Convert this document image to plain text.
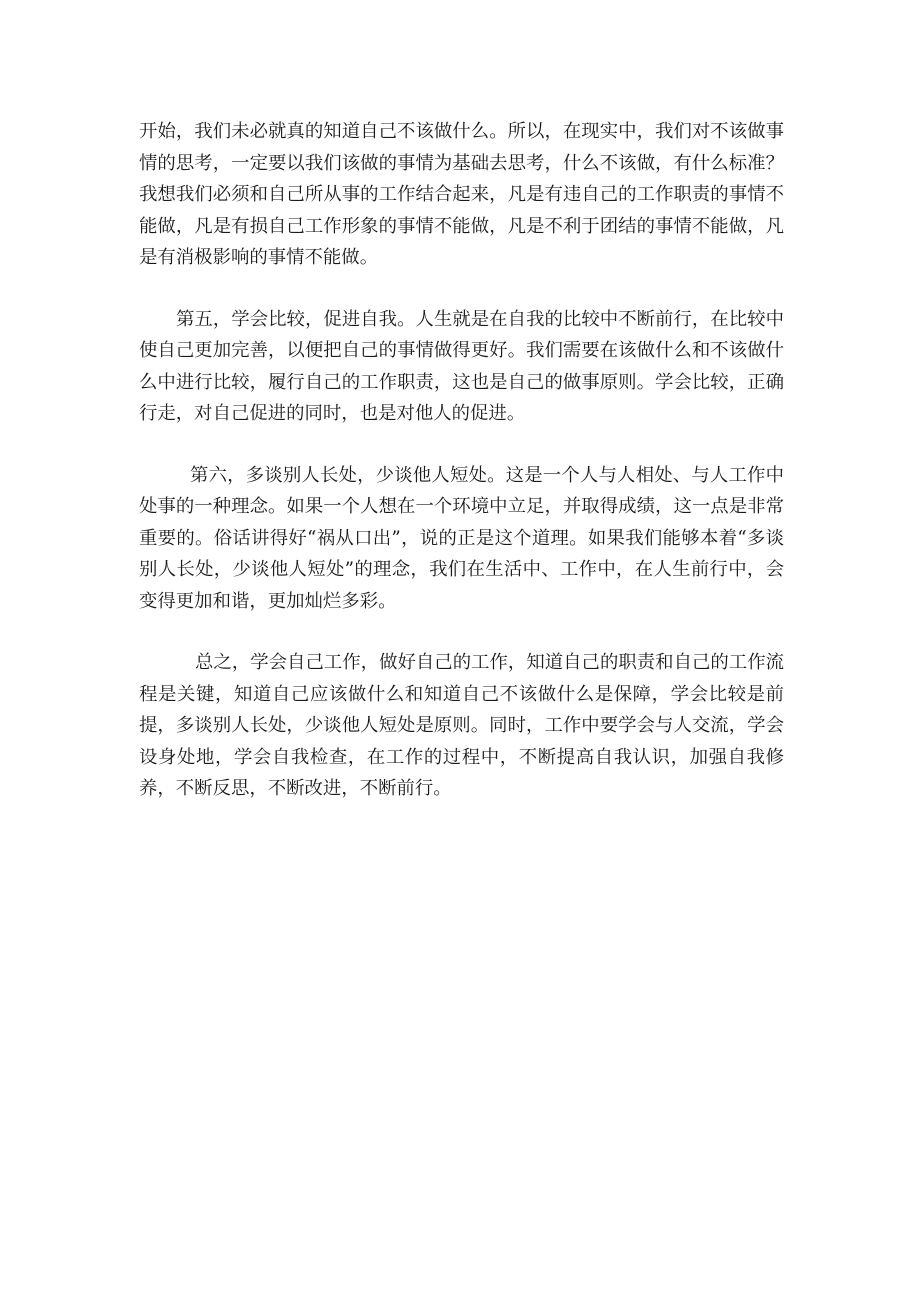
开始，我们未必就真的知道自己不该做什么。所以，在现实中，我们对不该做事情的思考，一定要以我们该做的事情为基础去思考，什么不该做，有什么标准？我想我们必须和自己所从事的工作结合起来，凡是有违自己的工作职责的事情不能做，凡是有损自己工作形象的事情不能做，凡是不利于团结的事情不能做，凡是有消极影响的事情不能做。

第五，学会比较，促进自我。人生就是在自我的比较中不断前行，在比较中使自己更加完善，以便把自己的事情做得更好。我们需要在该做什么和不该做什么中进行比较，履行自己的工作职责，这也是自己的做事原则。学会比较，正确行走，对自己促进的同时，也是对他人的促进。

第六，多谈别人长处，少谈他人短处。这是一个人与人相处、与人工作中处事的一种理念。如果一个人想在一个环境中立足，并取得成绩，这一点是非常重要的。俗话讲得好“祸从口出”，说的正是这个道理。如果我们能够本着“多谈别人长处，少谈他人短处”的理念，我们在生活中、工作中，在人生前行中，会变得更加和谐，更加灿烂多彩。

总之，学会自己工作，做好自己的工作，知道自己的职责和自己的工作流程是关键，知道自己应该做什么和知道自己不该做什么是保障，学会比较是前提，多谈别人长处，少谈他人短处是原则。同时，工作中要学会与人交流，学会设身处地，学会自我检查，在工作的过程中，不断提高自我认识，加强自我修养，不断反思，不断改进，不断前行。
